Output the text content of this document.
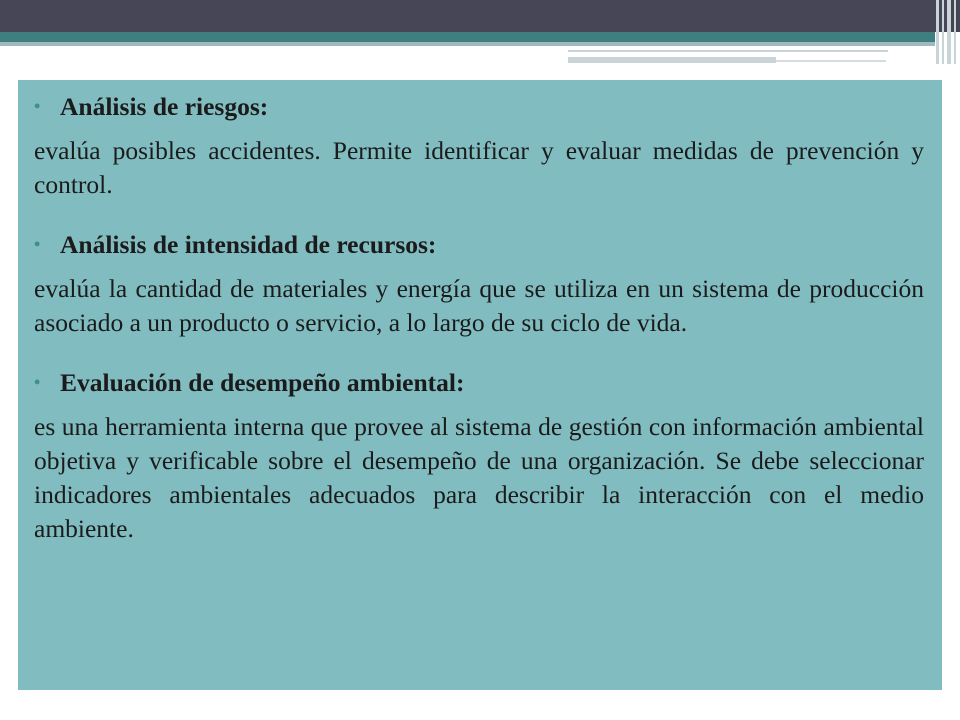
• Análisis de riesgos:
evalúa posibles accidentes. Permite identificar y evaluar medidas de prevención y control.
• Análisis de intensidad de recursos:
evalúa la cantidad de materiales y energía que se utiliza en un sistema de producción asociado a un producto o servicio, a lo largo de su ciclo de vida.
• Evaluación de desempeño ambiental:
es una herramienta interna que provee al sistema de gestión con información ambiental objetiva y verificable sobre el desempeño de una organización. Se debe seleccionar indicadores ambientales adecuados para describir la interacción con el medio ambiente.
